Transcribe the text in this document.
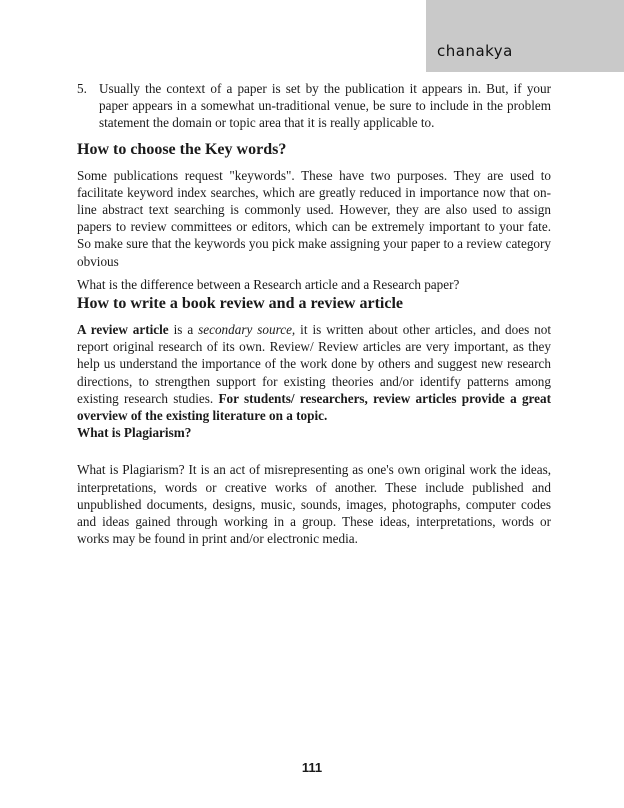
chanakya
5. Usually the context of a paper is set by the publication it appears in. But, if your paper appears in a somewhat un-traditional venue, be sure to include in the problem statement the domain or topic area that it is really applicable to.
How to choose the Key words?

Some publications request "keywords". These have two purposes. They are used to facilitate keyword index searches, which are greatly reduced in importance now that on-line abstract text searching is commonly used. However, they are also used to assign papers to review committees or editors, which can be extremely important to your fate. So make sure that the keywords you pick make assigning your paper to a review category obvious

What is the difference between a Research article and a Research paper?

How to write a book review and a review article

A review article is a secondary source, it is written about other articles, and does not report original research of its own. Review/ Review articles are very important, as they help us understand the importance of the work done by others and suggest new research directions, to strengthen support for existing theories and/or identify patterns among existing research studies. For students/ researchers, review articles provide a great overview of the existing literature on a topic.

What is Plagiarism?

What is Plagiarism? It is an act of misrepresenting as one's own original work the ideas, interpretations, words or creative works of another. These include published and unpublished documents, designs, music, sounds, images, photographs, computer codes and ideas gained through working in a group. These ideas, interpretations, words or works may be found in print and/or electronic media.

111
